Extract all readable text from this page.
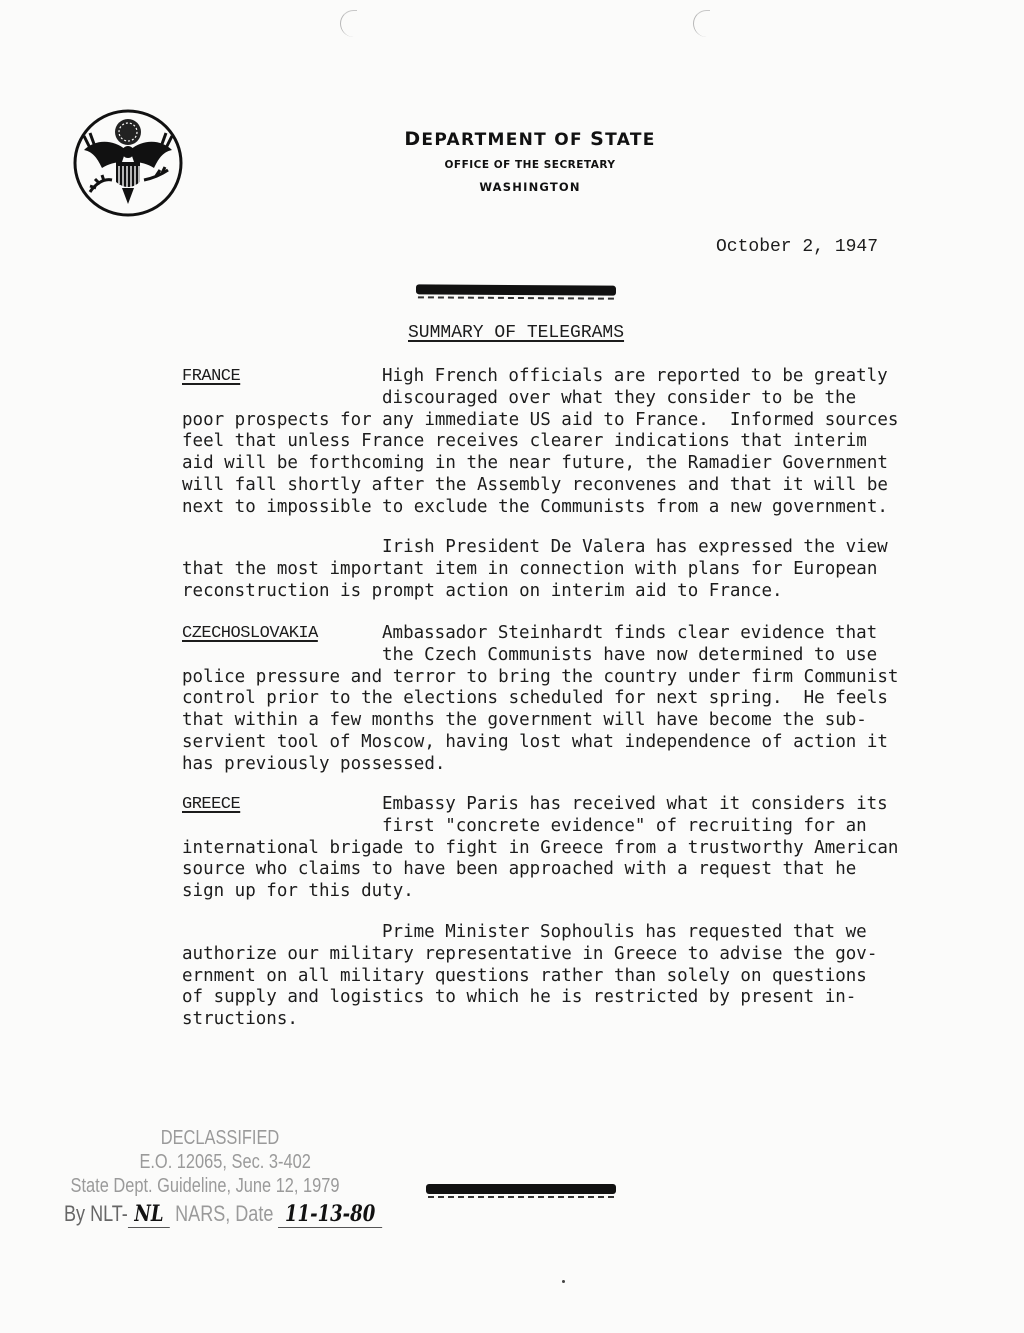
DEPARTMENT OF STATE
OFFICE OF THE SECRETARY
WASHINGTON
October 2, 1947
SUMMARY OF TELEGRAMS
FRANCE	High French officials are reported to be greatly
discouraged over what they consider to be the
poor prospects for any immediate US aid to France.  Informed sources
feel that unless France receives clearer indications that interim
aid will be forthcoming in the near future, the Ramadier Government
will fall shortly after the Assembly reconvenes and that it will be
next to impossible to exclude the Communists from a new government.
Irish President De Valera has expressed the view
that the most important item in connection with plans for European
reconstruction is prompt action on interim aid to France.
CZECHOSLOVAKIA	Ambassador Steinhardt finds clear evidence that
the Czech Communists have now determined to use
police pressure and terror to bring the country under firm Communist
control prior to the elections scheduled for next spring.  He feels
that within a few months the government will have become the sub-
servient tool of Moscow, having lost what independence of action it
has previously possessed.
GREECE	Embassy Paris has received what it considers its
first "concrete evidence" of recruiting for an
international brigade to fight in Greece from a trustworthy American
source who claims to have been approached with a request that he
sign up for this duty.
Prime Minister Sophoulis has requested that we
authorize our military representative in Greece to advise the gov-
ernment on all military questions rather than solely on questions
of supply and logistics to which he is restricted by present in-
structions.
DECLASSIFIED
E.O. 12065, Sec. 3-402
State Dept. Guideline, June 12, 1979
By NLT- NL NARS, Date 11-13-80
